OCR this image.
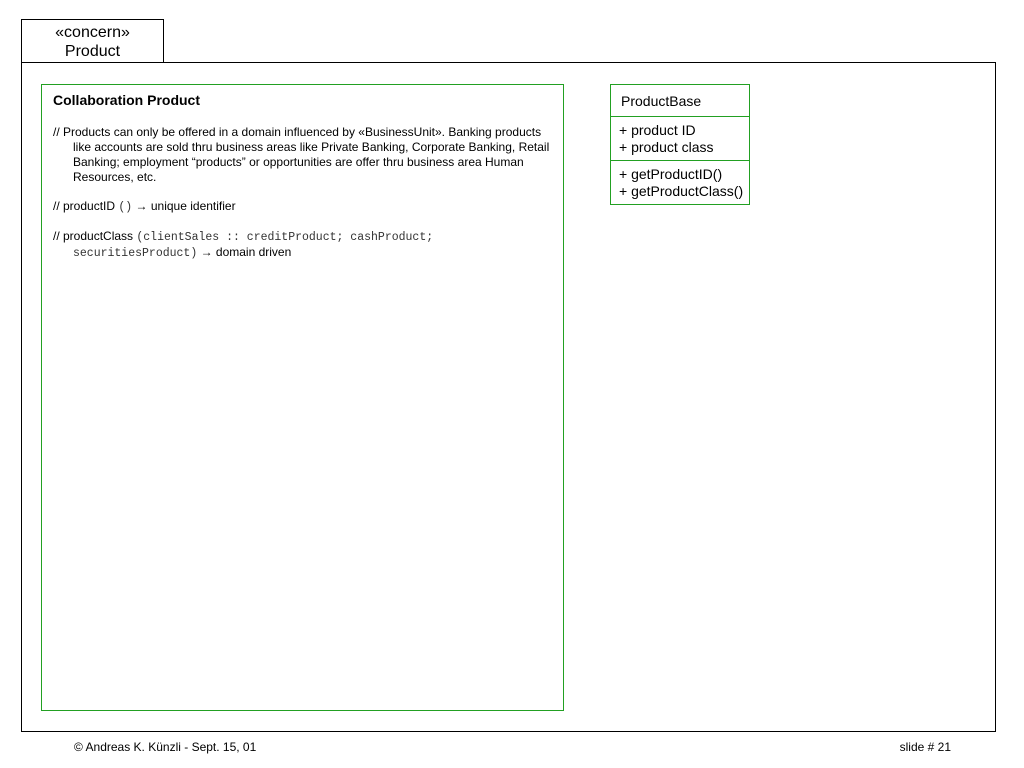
«concern»
Product
Collaboration Product

// Products can only be offered in a domain influenced by «BusinessUnit». Banking products like accounts are sold thru business areas like Private Banking, Corporate Banking, Retail Banking; employment “products” or opportunities are offer thru business area Human Resources, etc.

// productID () → unique identifier

// productClass (clientSales :: creditProduct; cashProduct; securitiesProduct) → domain driven

ProductBase
+ product ID
+ product class
+ getProductID()
+ getProductClass()
© Andreas K. Künzli - Sept. 15, 01	slide # 21
